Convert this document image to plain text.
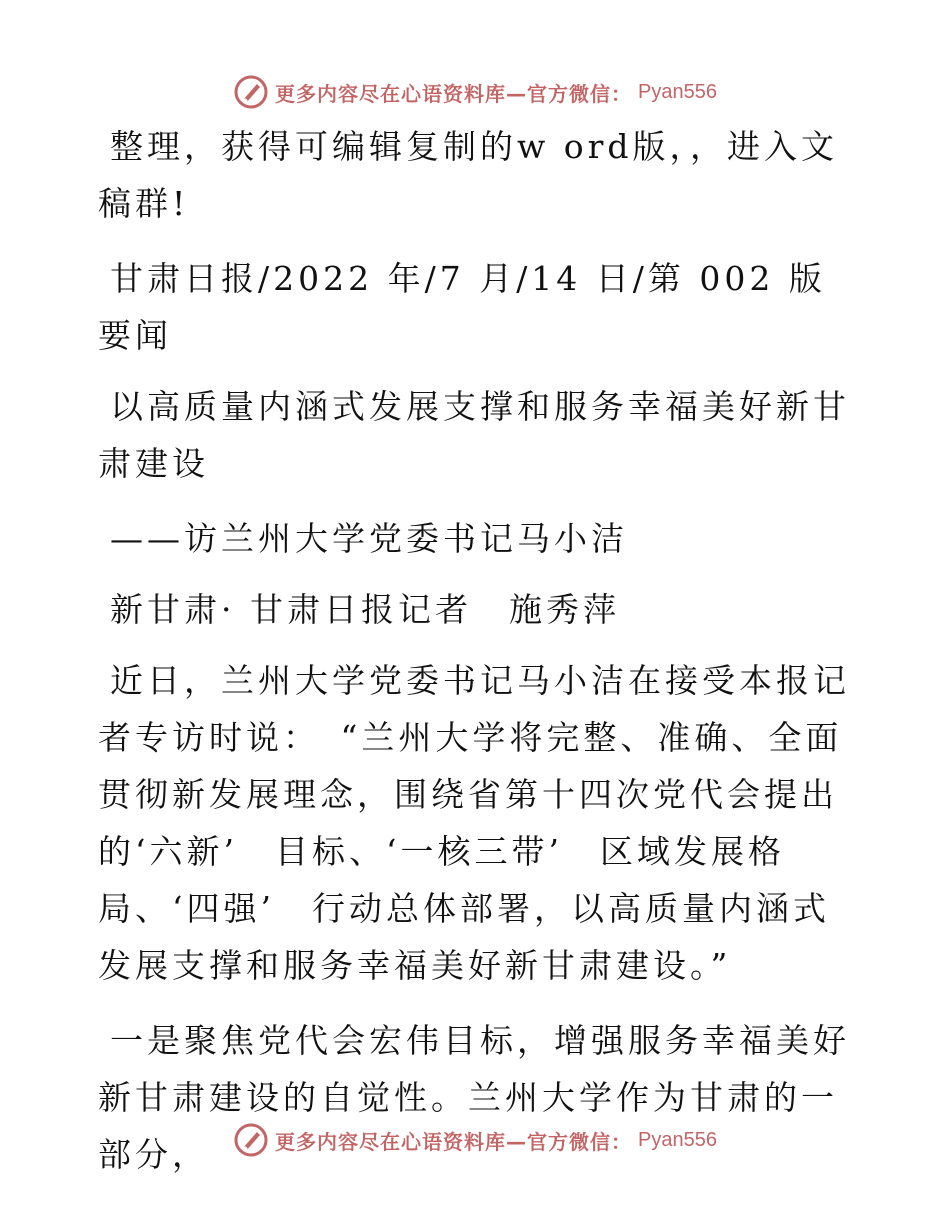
更多内容尽在心语资料库—官方微信： Pyan556

整理，获得可编辑复制的w ord版，，进入文稿群!

甘肃日报/2022 年/7 月/14 日/第 002 版要闻

以高质量内涵式发展支撑和服务幸福美好新甘肃建设

——访兰州大学党委书记马小洁

新甘肃· 甘肃日报记者　施秀萍

近日，兰州大学党委书记马小洁在接受本报记者专访时说：　“兰州大学将完整、准确、全面贯彻新发展理念，围绕省第十四次党代会提出的‘六新’　目标、‘一核三带’　区域发展格局、‘四强’　行动总体部署，以高质量内涵式发展支撑和服务幸福美好新甘肃建设。”

一是聚焦党代会宏伟目标，增强服务幸福美好新甘肃建设的自觉性。兰州大学作为甘肃的一部分，	更多内容尽在心语资料库—官方微信： Pyan556
